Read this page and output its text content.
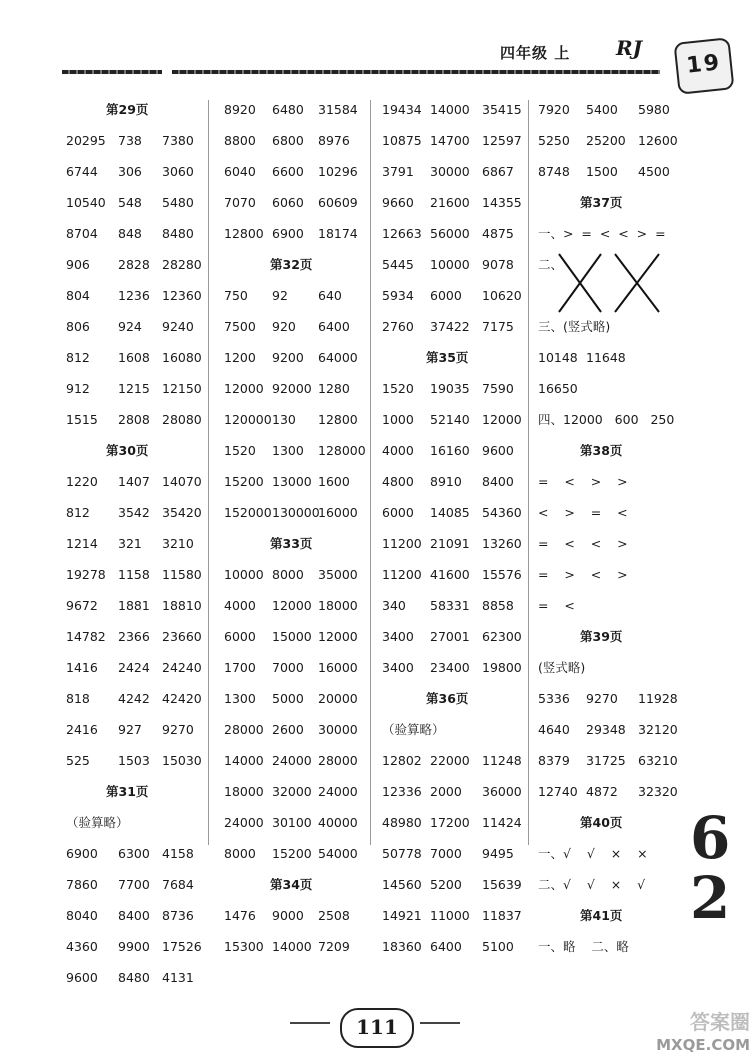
四年级 上 RJ
19
第29页
20295 738 7380
6744 306 3060
10540 548 5480
8704 848 8480
906 2828 28280
804 1236 12360
806 924 9240
812 1608 16080
912 1215 12150
1515 2808 28080
第30页
1220 1407 14070
812 3542 35420
1214 321 3210
19278 1158 11580
9672 1881 18810
14782 2366 23660
1416 2424 24240
818 4242 42420
2416 927 9270
525 1503 15030
第31页
（验算略）
6900 6300 4158
7860 7700 7684
8040 8400 8736
4360 9900 17526
9600 8480 4131
8920 6480 31584
8800 6800 8976
6040 6600 10296
7070 6060 60609
12800 6900 18174
第32页
750 92 640
7500 920 6400
1200 9200 64000
12000 92000 1280
120000 130 12800
1520 1300 128000
15200 13000 1600
152000 130000
16000
第33页
10000 8000 35000
4000 12000 18000
6000 15000 12000
1700 7000 16000
1300 5000 20000
28000 2600 30000
14000 24000 28000
18000 32000 24000
24000 30100 40000
8000 15200 54000
第34页
1476 9000 2508
15300 14000 7209
19434 14000 35415
10875 14700 12597
3791 30000 6867
9660 21600 14355
12663 56000 4875
5445 10000 9078
5934 6000 10620
2760 37422 7175
第35页
1520 19035 7590
1000 52140 12000
4000 16160 9600
4800 8910 8400
6000 14085 54360
11200 21091 13260
11200 41600 15576
340 58331 8858
3400 27001 62300
3400 23400 19800
第36页
（验算略）
12802 22000 11248
12336 2000 36000
48980 17200 11424
50778 7000 9495
14560 5200 15639
14921 11000 11837
18360 6400 5100
7920 5400 5980
5250 25200 12600
8748 1500 4500
第37页
一、>  =  <  <  >  =
二、
三、(竖式略)
10148 11648
16650
四、12000   600   250
第38页
=    <    >    >
<    >    =    <
=    <    <    >
=    >    <    >
=    <
第39页
(竖式略)
5336 9270 11928
4640 29348 32120
8379 31725 63210
12740 4872 32320
第40页
一、√    √    ×    ×
二、√    √    ×    √
第41页
一、略    二、略
6
2
111	答案圈
MXQE.COM
